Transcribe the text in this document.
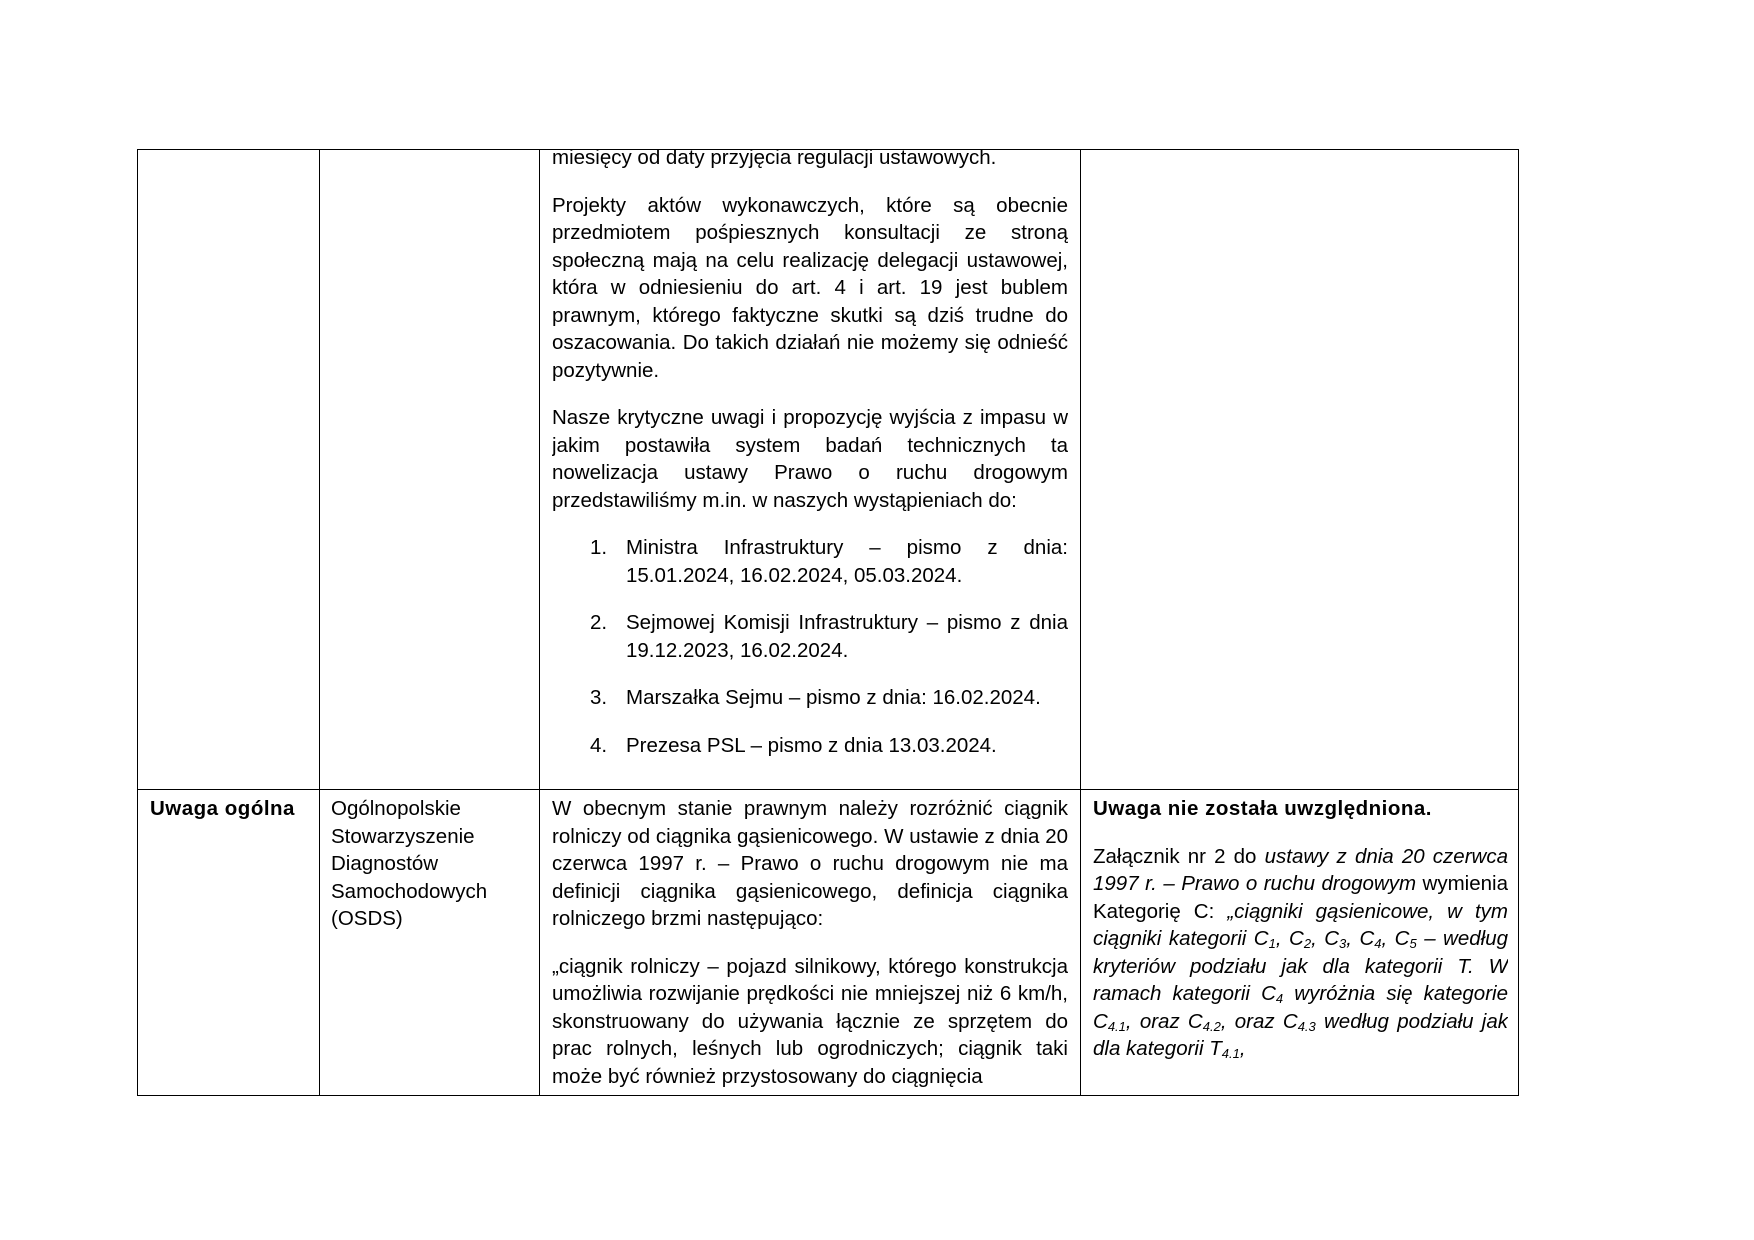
miesięcy od daty przyjęcia regulacji ustawowych.

Projekty aktów wykonawczych, które są obecnie przedmiotem pośpiesznych konsultacji ze stroną społeczną mają na celu realizację delegacji ustawowej, która w odniesieniu do art. 4 i art. 19 jest bublem prawnym, którego faktyczne skutki są dziś trudne do oszacowania. Do takich działań nie możemy się odnieść pozytywnie.

Nasze krytyczne uwagi i propozycję wyjścia z impasu w jakim postawiła system badań technicznych ta nowelizacja ustawy Prawo o ruchu drogowym przedstawiliśmy m.in. w naszych wystąpieniach do:

1. Ministra Infrastruktury – pismo z dnia: 15.01.2024, 16.02.2024, 05.03.2024.
2. Sejmowej Komisji Infrastruktury – pismo z dnia 19.12.2023, 16.02.2024.
3. Marszałka Sejmu – pismo z dnia: 16.02.2024.
4. Prezesa PSL – pismo z dnia 13.03.2024.
Uwaga ogólna	Ogólnopolskie Stowarzyszenie Diagnostów Samochodowych (OSDS)

W obecnym stanie prawnym należy rozróżnić ciągnik rolniczy od ciągnika gąsienicowego. W ustawie z dnia 20 czerwca 1997 r. – Prawo o ruchu drogowym nie ma definicji ciągnika gąsienicowego, definicja ciągnika rolniczego brzmi następująco:

„ciągnik rolniczy – pojazd silnikowy, którego konstrukcja umożliwia rozwijanie prędkości nie mniejszej niż 6 km/h, skonstruowany do używania łącznie ze sprzętem do prac rolnych, leśnych lub ogrodniczych; ciągnik taki może być również przystosowany do ciągnięcia

Uwaga nie została uwzględniona.

Załącznik nr 2 do ustawy z dnia 20 czerwca 1997 r. – Prawo o ruchu drogowym wymienia Kategorię C: „ciągniki gąsienicowe, w tym ciągniki kategorii $C_1$, $C_2$, $C_3$, $C_4$, $C_5$ – według kryteriów podziału jak dla kategorii T. W ramach kategorii $C_4$ wyróżnia się kategorie $C_{4.1}$, oraz $C_{4.2}$, oraz $C_{4.3}$ według podziału jak dla kategorii $T_{4.1}$,
